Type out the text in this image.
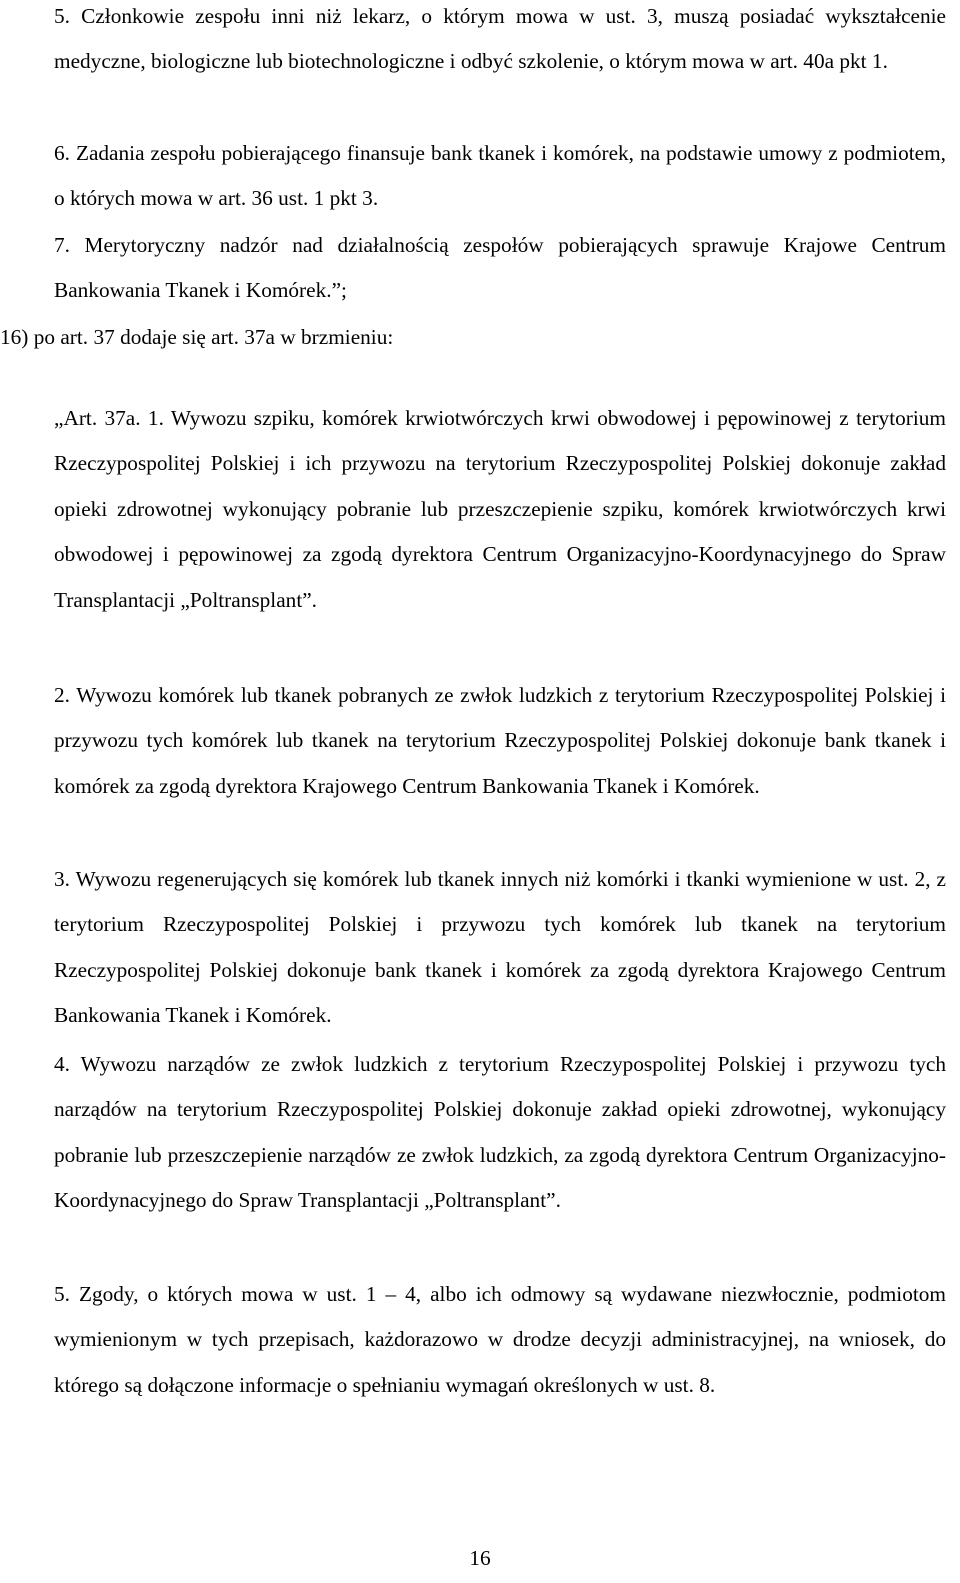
5. Członkowie zespołu inni niż lekarz, o którym mowa w ust. 3, muszą posiadać wykształcenie medyczne, biologiczne lub biotechnologiczne i odbyć szkolenie, o którym mowa w art. 40a pkt 1.

6. Zadania zespołu pobierającego finansuje bank tkanek i komórek, na podstawie umowy z podmiotem, o których mowa w art. 36 ust. 1 pkt 3.

7. Merytoryczny nadzór nad działalnością zespołów pobierających sprawuje Krajowe Centrum Bankowania Tkanek i Komórek.”;

16) po art. 37 dodaje się art. 37a w brzmieniu:

„Art. 37a. 1. Wywozu szpiku, komórek krwiotwórczych krwi obwodowej i pępowinowej z terytorium Rzeczypospolitej Polskiej i ich przywozu na terytorium Rzeczypospolitej Polskiej dokonuje zakład opieki zdrowotnej wykonujący pobranie lub przeszczepienie szpiku, komórek krwiotwórczych krwi obwodowej i pępowinowej za zgodą dyrektora Centrum Organizacyjno-Koordynacyjnego do Spraw Transplantacji „Poltransplant”.

2. Wywozu komórek lub tkanek pobranych ze zwłok ludzkich z terytorium Rzeczypospolitej Polskiej i przywozu tych komórek lub tkanek na terytorium Rzeczypospolitej Polskiej dokonuje bank tkanek i komórek za zgodą dyrektora Krajowego Centrum Bankowania Tkanek i Komórek.

3. Wywozu regenerujących się komórek lub tkanek innych niż komórki i tkanki wymienione w ust. 2, z terytorium Rzeczypospolitej Polskiej i przywozu tych komórek lub tkanek na terytorium Rzeczypospolitej Polskiej dokonuje bank tkanek i komórek za zgodą dyrektora Krajowego Centrum Bankowania Tkanek i Komórek.

4. Wywozu narządów ze zwłok ludzkich z terytorium Rzeczypospolitej Polskiej i przywozu tych narządów na terytorium Rzeczypospolitej Polskiej dokonuje zakład opieki zdrowotnej, wykonujący pobranie lub przeszczepienie narządów ze zwłok ludzkich, za zgodą dyrektora Centrum Organizacyjno-Koordynacyjnego do Spraw Transplantacji „Poltransplant”.

5. Zgody, o których mowa w ust. 1 – 4, albo ich odmowy są wydawane niezwłocznie, podmiotom wymienionym w tych przepisach, każdorazowo w drodze decyzji administracyjnej, na wniosek, do którego są dołączone informacje o spełnianiu wymagań określonych w ust. 8.

16
